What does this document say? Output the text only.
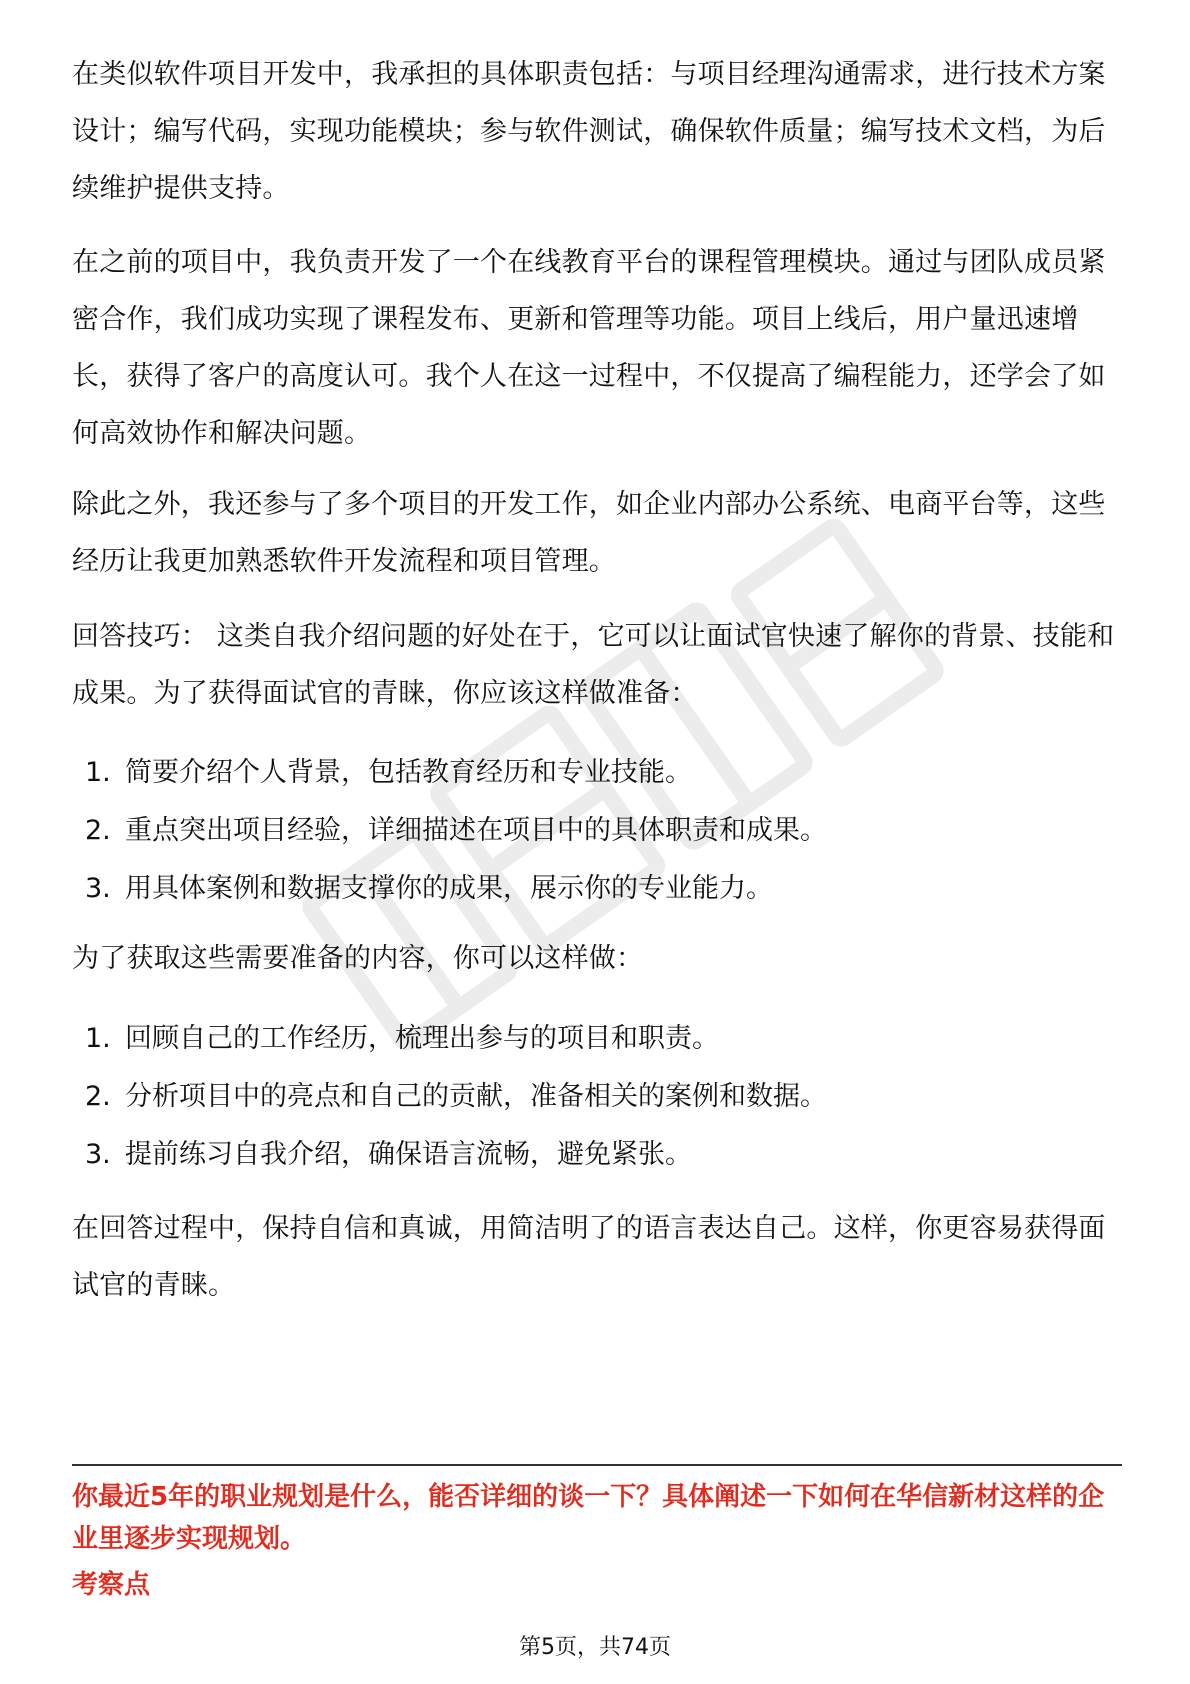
在类似软件项目开发中，我承担的具体职责包括：与项目经理沟通需求，进行技术方案设计；编写代码，实现功能模块；参与软件测试，确保软件质量；编写技术文档，为后续维护提供支持。

在之前的项目中，我负责开发了一个在线教育平台的课程管理模块。通过与团队成员紧密合作，我们成功实现了课程发布、更新和管理等功能。项目上线后，用户量迅速增长，获得了客户的高度认可。我个人在这一过程中，不仅提高了编程能力，还学会了如何高效协作和解决问题。

除此之外，我还参与了多个项目的开发工作，如企业内部办公系统、电商平台等，这些经历让我更加熟悉软件开发流程和项目管理。

回答技巧： 这类自我介绍问题的好处在于，它可以让面试官快速了解你的背景、技能和成果。为了获得面试官的青睐，你应该这样做准备：

1. 简要介绍个人背景，包括教育经历和专业技能。
2. 重点突出项目经验，详细描述在项目中的具体职责和成果。
3. 用具体案例和数据支撑你的成果，展示你的专业能力。

为了获取这些需要准备的内容，你可以这样做：

1. 回顾自己的工作经历，梳理出参与的项目和职责。
2. 分析项目中的亮点和自己的贡献，准备相关的案例和数据。
3. 提前练习自我介绍，确保语言流畅，避免紧张。

在回答过程中，保持自信和真诚，用简洁明了的语言表达自己。这样，你更容易获得面试官的青睐。

你最近5年的职业规划是什么，能否详细的谈一下？具体阐述一下如何在华信新材这样的企业里逐步实现规划。

考察点

第5页，共74页
